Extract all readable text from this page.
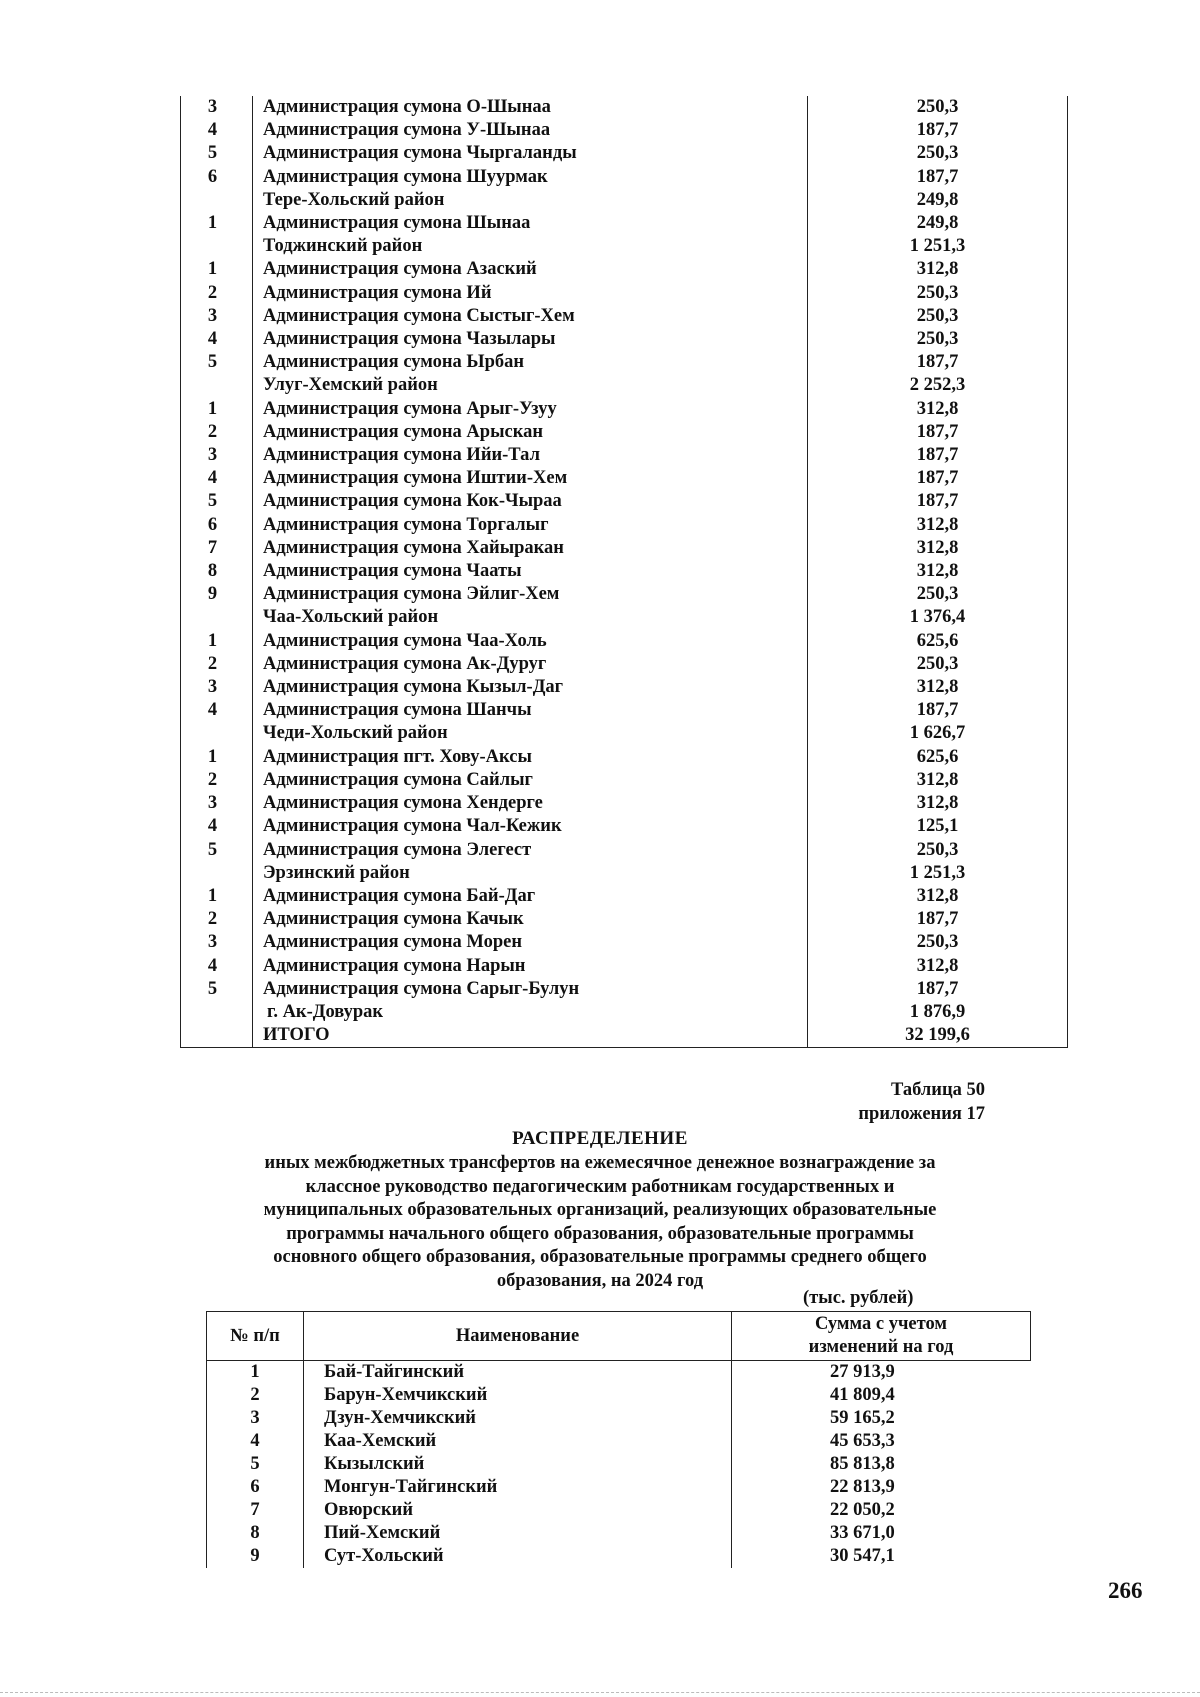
3	Администрация сумона О-Шынаа	250,3
4	Администрация сумона У-Шынаа	187,7
5	Администрация сумона Чыргаланды	250,3
6	Администрация сумона Шуурмак	187,7
	Тере-Хольский район	249,8
1	Администрация сумона Шынаа	249,8
	Тоджинский район	1 251,3
1	Администрация сумона Азаский	312,8
2	Администрация сумона Ий	250,3
3	Администрация сумона Сыстыг-Хем	250,3
4	Администрация сумона Чазылары	250,3
5	Администрация сумона Ырбан	187,7
	Улуг-Хемский район	2 252,3
1	Администрация сумона Арыг-Узуу	312,8
2	Администрация сумона Арыскан	187,7
3	Администрация сумона Ийи-Тал	187,7
4	Администрация сумона Иштии-Хем	187,7
5	Администрация сумона Кок-Чыраа	187,7
6	Администрация сумона Торгалыг	312,8
7	Администрация сумона Хайыракан	312,8
8	Администрация сумона Чааты	312,8
9	Администрация сумона Эйлиг-Хем	250,3
	Чаа-Хольский район	1 376,4
1	Администрация сумона Чаа-Холь	625,6
2	Администрация сумона Ак-Дуруг	250,3
3	Администрация сумона Кызыл-Даг	312,8
4	Администрация сумона Шанчы	187,7
	Чеди-Хольский район	1 626,7
1	Администрация пгт. Хову-Аксы	625,6
2	Администрация сумона Сайлыг	312,8
3	Администрация сумона Хендерге	312,8
4	Администрация сумона Чал-Кежик	125,1
5	Администрация сумона Элегест	250,3
	Эрзинский район	1 251,3
1	Администрация сумона Бай-Даг	312,8
2	Администрация сумона Качык	187,7
3	Администрация сумона Морен	250,3
4	Администрация сумона Нарын	312,8
5	Администрация сумона Сарыг-Булун	187,7
	г. Ак-Довурак	1 876,9
	ИТОГО	32 199,6
Таблица 50
приложения 17
РАСПРЕДЕЛЕНИЕ
иных межбюджетных трансфертов на ежемесячное денежное вознаграждение за
классное руководство педагогическим работникам государственных и
муниципальных образовательных организаций, реализующих образовательные
программы начального общего образования, образовательные программы
основного общего образования, образовательные программы среднего общего
образования, на 2024 год
(тыс. рублей)
№ п/п	Наименование	Сумма с учетом
изменений на год

1	Бай-Тайгинский	27 913,9
2	Барун-Хемчикский	41 809,4
3	Дзун-Хемчикский	59 165,2
4	Каа-Хемский	45 653,3
5	Кызылский	85 813,8
6	Монгун-Тайгинский	22 813,9
7	Овюрский	22 050,2
8	Пий-Хемский	33 671,0
9	Сут-Хольский	30 547,1
266
